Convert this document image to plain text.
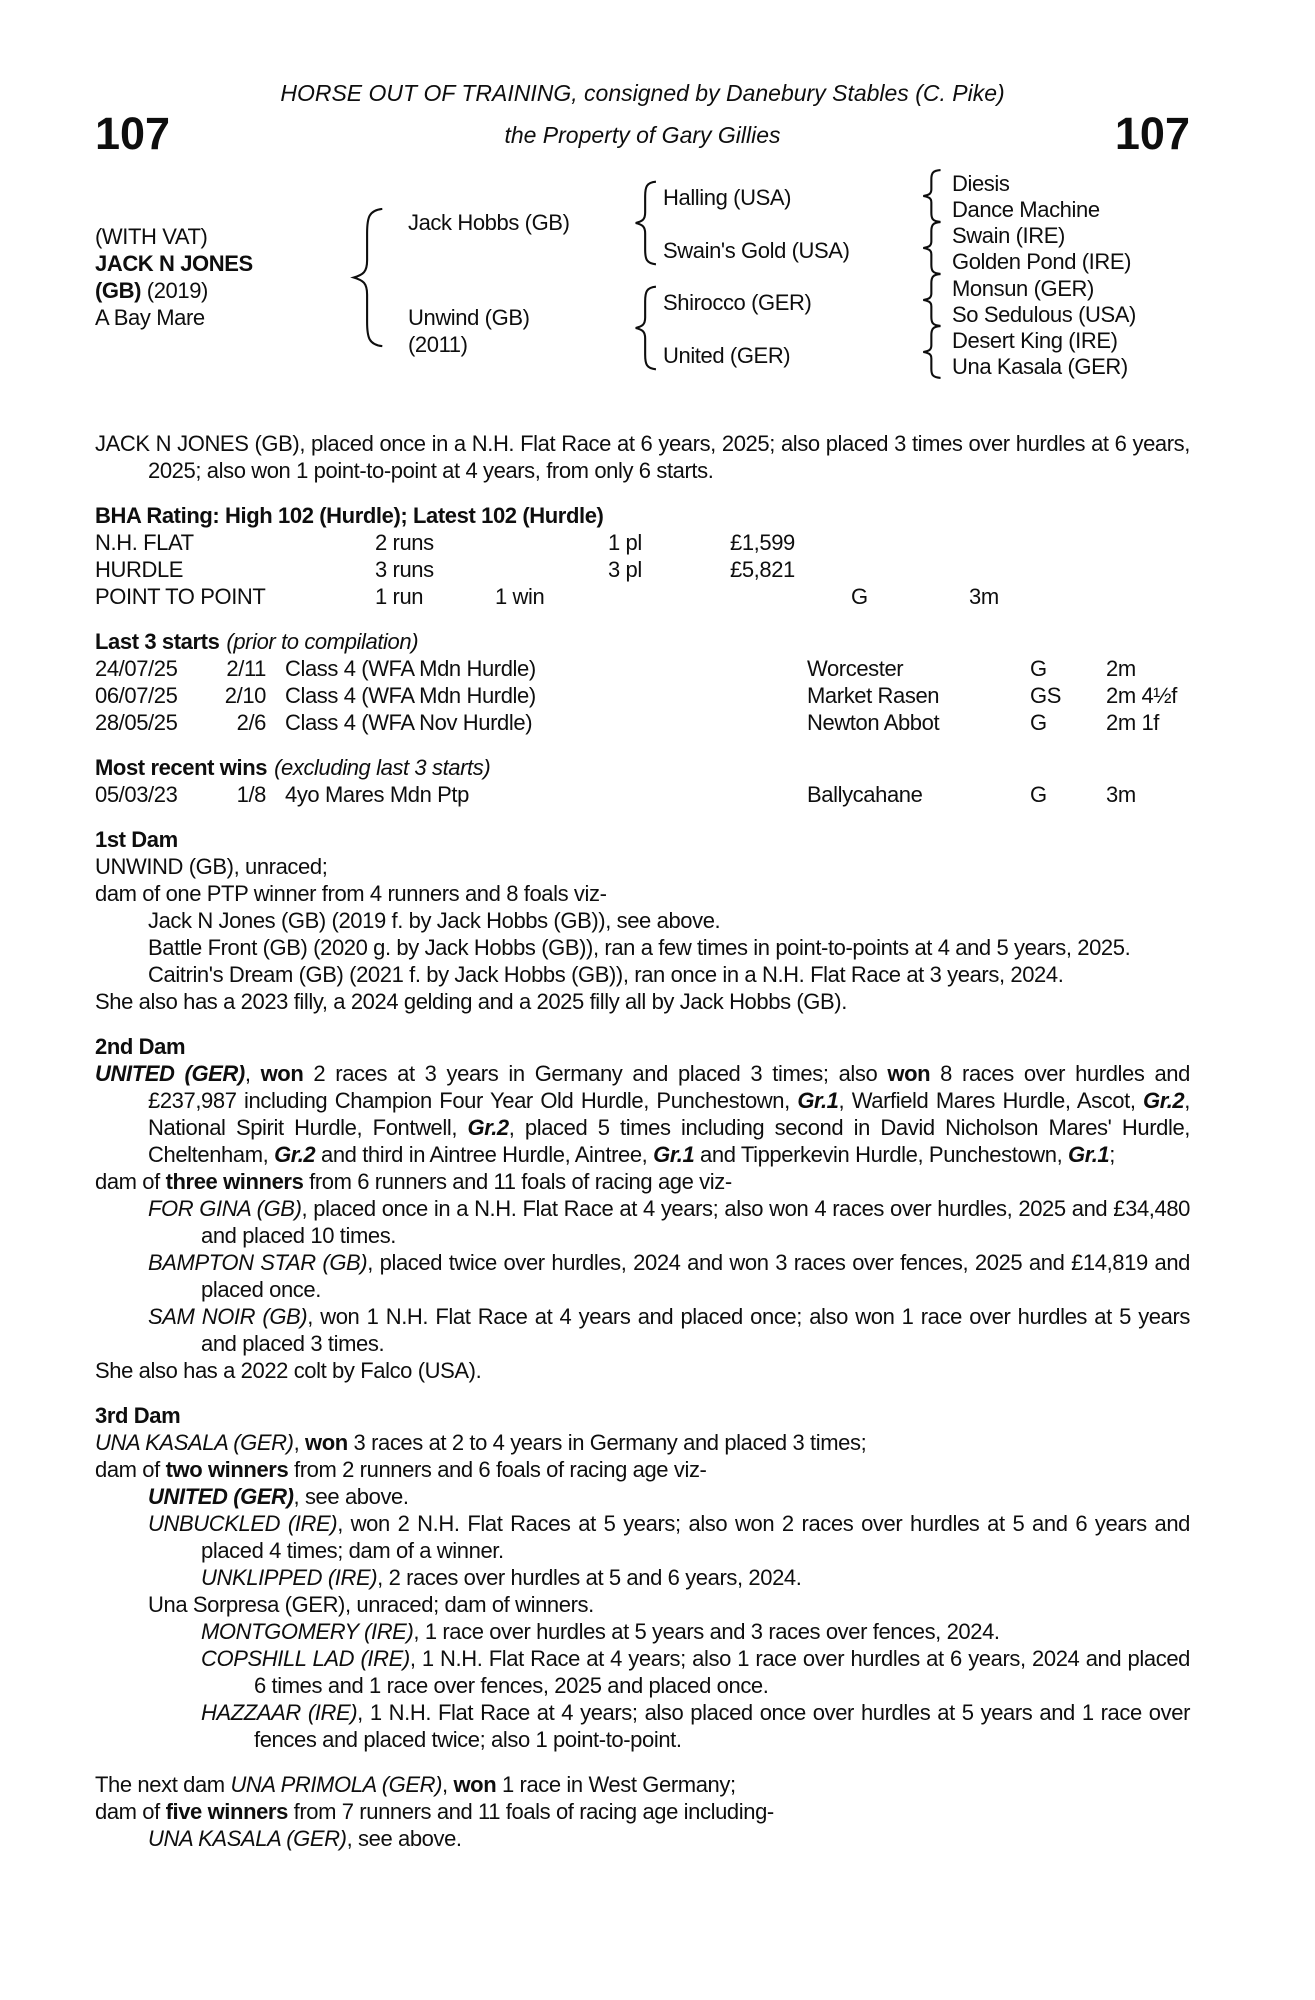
HORSE OUT OF TRAINING, consigned by Danebury Stables (C. Pike)
107	107
the Property of Gary Gillies
(WITH VAT)
JACK N JONES
(GB) (2019)
A Bay Mare
Jack Hobbs (GB)
Unwind (GB)
(2011)
Halling (USA)
Swain's Gold (USA)
Shirocco (GER)
United (GER)
Diesis
Dance Machine
Swain (IRE)
Golden Pond (IRE)
Monsun (GER)
So Sedulous (USA)
Desert King (IRE)
Una Kasala (GER)
JACK N JONES (GB), placed once in a N.H. Flat Race at 6 years, 2025; also placed 3 times over hurdles at 6 years, 2025; also won 1 point-to-point at 4 years, from only 6 starts.
BHA Rating: High 102 (Hurdle); Latest 102 (Hurdle)
N.H. FLAT	2 runs	1 pl	£1,599
HURDLE	3 runs	3 pl	£5,821
POINT TO POINT	1 run	1 win	G	3m
Last 3 starts (prior to compilation)
24/07/25	2/11 Class 4 (WFA Mdn Hurdle)	Worcester	G	2m
06/07/25	2/10 Class 4 (WFA Mdn Hurdle)	Market Rasen	GS 2m 4½f
28/05/25	2/6 Class 4 (WFA Nov Hurdle)	Newton Abbot	G	2m 1f
Most recent wins (excluding last 3 starts)
05/03/23	1/8 4yo Mares Mdn Ptp	Ballycahane	G	3m
1st Dam
UNWIND (GB), unraced;
dam of one PTP winner from 4 runners and 8 foals viz-
Jack N Jones (GB) (2019 f. by Jack Hobbs (GB)), see above.
Battle Front (GB) (2020 g. by Jack Hobbs (GB)), ran a few times in point-to-points at 4 and 5 years, 2025.
Caitrin's Dream (GB) (2021 f. by Jack Hobbs (GB)), ran once in a N.H. Flat Race at 3 years, 2024.
She also has a 2023 filly, a 2024 gelding and a 2025 filly all by Jack Hobbs (GB).
2nd Dam
UNITED (GER), won 2 races at 3 years in Germany and placed 3 times; also won 8 races over hurdles and £237,987 including Champion Four Year Old Hurdle, Punchestown, Gr.1, Warfield Mares Hurdle, Ascot, Gr.2, National Spirit Hurdle, Fontwell, Gr.2, placed 5 times including second in David Nicholson Mares' Hurdle, Cheltenham, Gr.2 and third in Aintree Hurdle, Aintree, Gr.1 and Tipperkevin Hurdle, Punchestown, Gr.1;
dam of three winners from 6 runners and 11 foals of racing age viz-
FOR GINA (GB), placed once in a N.H. Flat Race at 4 years; also won 4 races over hurdles, 2025 and £34,480 and placed 10 times.
BAMPTON STAR (GB), placed twice over hurdles, 2024 and won 3 races over fences, 2025 and £14,819 and placed once.
SAM NOIR (GB), won 1 N.H. Flat Race at 4 years and placed once; also won 1 race over hurdles at 5 years and placed 3 times.
She also has a 2022 colt by Falco (USA).
3rd Dam
UNA KASALA (GER), won 3 races at 2 to 4 years in Germany and placed 3 times;
dam of two winners from 2 runners and 6 foals of racing age viz-
UNITED (GER), see above.
UNBUCKLED (IRE), won 2 N.H. Flat Races at 5 years; also won 2 races over hurdles at 5 and 6 years and placed 4 times; dam of a winner.
UNKLIPPED (IRE), 2 races over hurdles at 5 and 6 years, 2024.
Una Sorpresa (GER), unraced; dam of winners.
MONTGOMERY (IRE), 1 race over hurdles at 5 years and 3 races over fences, 2024.
COPSHILL LAD (IRE), 1 N.H. Flat Race at 4 years; also 1 race over hurdles at 6 years, 2024 and placed 6 times and 1 race over fences, 2025 and placed once.
HAZZAAR (IRE), 1 N.H. Flat Race at 4 years; also placed once over hurdles at 5 years and 1 race over fences and placed twice; also 1 point-to-point.
The next dam UNA PRIMOLA (GER), won 1 race in West Germany;
dam of five winners from 7 runners and 11 foals of racing age including-
UNA KASALA (GER), see above.
